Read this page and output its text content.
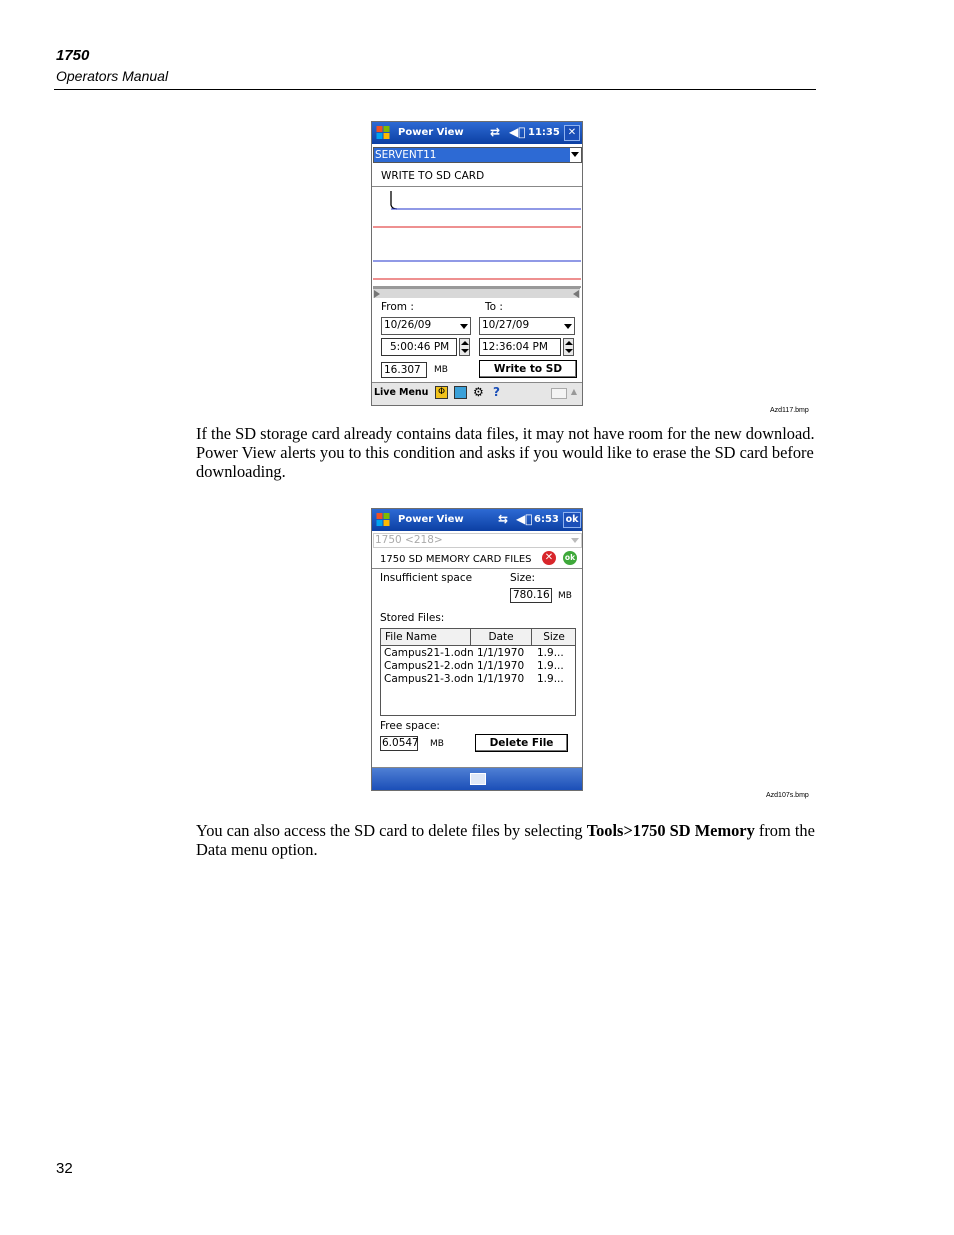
1750
Operators Manual
Power View ⇄ ◀ﾞ 11:35 ✕
SERVENT11
WRITE TO SD CARD
From :	To :
10/26/09	10/27/09
5:00:46 PM	12:36:04 PM
16.307	MB	Write to SD
Live Menu	Φ ⚙ ?	▲
Azd117.bmp
If the SD storage card already contains data files, it may not have room for the new download. Power View alerts you to this condition and asks if you would like to erase the SD card before downloading.
Power View	⇆ ◀ﾞ 6:53 ok
1750 <218>
1750 SD MEMORY CARD FILES ✕	ok
Insufficient space	Size:
780.16 MB
Stored Files:
File Name	Date	Size
Campus21-1.odn 1/1/1970 1.9...
Campus21-2.odn 1/1/1970 1.9...
Campus21-3.odn 1/1/1970 1.9...
Free space:
6.0547 MB	Delete File
Azd107s.bmp
You can also access the SD card to delete files by selecting Tools>1750 SD Memory from the Data menu option.
32
